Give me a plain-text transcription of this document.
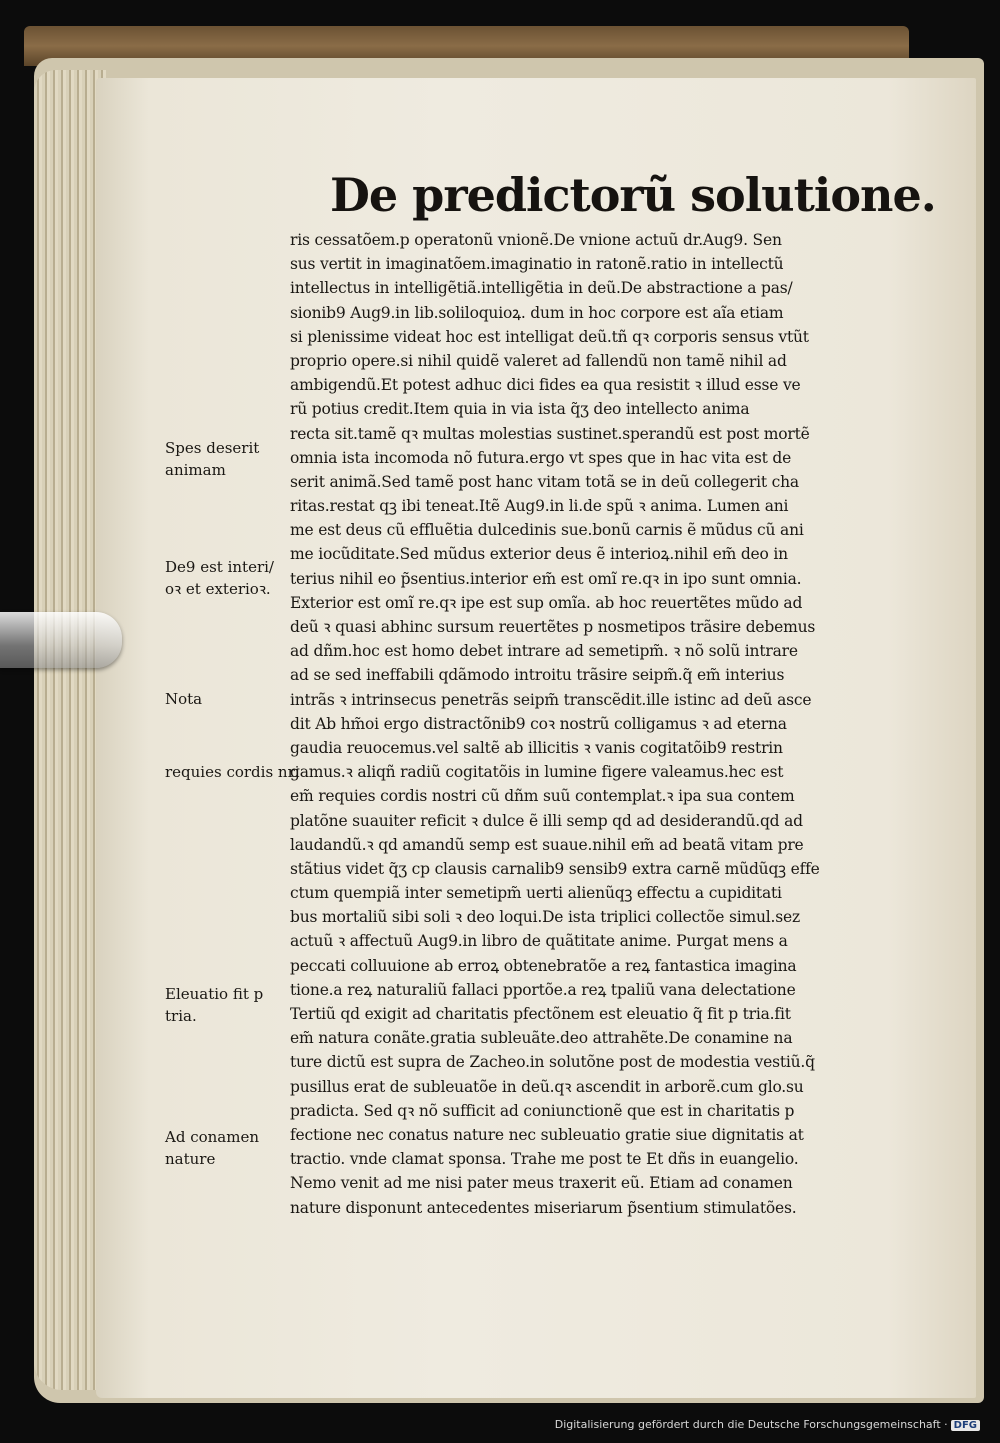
De predictorũ solutione.
ris cessatõem.p operatonũ vnionẽ.De vnione actuũ dr.Aug9. Sen
sus vertit in imaginatõem.imaginatio in ratonẽ.ratio in intellectũ
intellectus in intelligẽtiã.intelligẽtia in deũ.De abstractione a pas/
sionib9 Aug9.in lib.soliloquioꝝ. dum in hoc corpore est aĩa etiam
si plenissime videat hoc est intelligat deũ.tñ qꝛ corporis sensus vtũt
proprio opere.si nihil quidẽ valeret ad fallendũ non tamẽ nihil ad
ambigendũ.Et potest adhuc dici fides ea qua resistit ꝛ illud esse ve
rũ potius credit.Item quia in via ista q̃ʒ deo intellecto anima
recta sit.tamẽ qꝛ multas molestias sustinet.sperandũ est post mortẽ
omnia ista incomoda nõ futura.ergo vt spes que in hac vita est de
serit animã.Sed tamẽ post hanc vitam totã se in deũ collegerit cha
ritas.restat qꝫ ibi teneat.Itẽ Aug9.in li.de spũ ꝛ anima. Lumen ani
me est deus cũ effluẽtia dulcedinis sue.bonũ carnis ẽ mũdus cũ ani
me iocũditate.Sed mũdus exterior deus ẽ interioꝝ.nihil em̃ deo in
terius nihil eo p̃sentius.interior em̃ est omĩ re.qꝛ in ipo sunt omnia.
Exterior est omĩ re.qꝛ ipe est sup omĩa. ab hoc reuertẽtes mũdo ad
deũ ꝛ quasi abhinc sursum reuertẽtes p nosmetipos trãsire debemus
ad dñm.hoc est homo debet intrare ad semetipm̃. ꝛ nõ solũ intrare
ad se sed ineffabili qdãmodo introitu trãsire seipm̃.q̃ em̃ interius
intrãs ꝛ intrinsecus penetrãs seipm̃ transcẽdit.ille istinc ad deũ asce
dit Ab hm̃oi ergo distractõnib9 coꝛ nostrũ colligamus ꝛ ad eterna
gaudia reuocemus.vel saltẽ ab illicitis ꝛ vanis cogitatõib9 restrin
gamus.ꝛ aliqñ radiũ cogitatõis in lumine figere valeamus.hec est
em̃ requies cordis nostri cũ dñm suũ contemplat.ꝛ ipa sua contem
platõne suauiter reficit ꝛ dulce ẽ illi semp qd ad desiderandũ.qd ad
laudandũ.ꝛ qd amandũ semp est suaue.nihil em̃ ad beatã vitam pre
stãtius videt q̃ʒ cp clausis carnalib9 sensib9 extra carnẽ mũdũqꝫ effe
ctum quempiã inter semetipm̃ uerti alienũqꝫ effectu a cupiditati
bus mortaliũ sibi soli ꝛ deo loqui.De ista triplici collectõe simul.sez
actuũ ꝛ affectuũ Aug9.in libro de quãtitate anime. Purgat mens a
peccati colluuione ab erroꝝ obtenebratõe a reꝝ fantastica imagina
tione.a reꝝ naturaliũ fallaci pportõe.a reꝝ tpaliũ vana delectatione
Tertiũ qd exigit ad charitatis pfectõnem est eleuatio q̃ fit p tria.fit
em̃ natura conãte.gratia subleuãte.deo attrahẽte.De conamine na
ture dictũ est supra de Zacheo.in solutõne post de modestia vestiũ.q̃
pusillus erat de subleuatõe in deũ.qꝛ ascendit in arborẽ.cum glo.su
pradicta. Sed qꝛ nõ sufficit ad coniunctionẽ que est in charitatis p
fectione nec conatus nature nec subleuatio gratie siue dignitatis at
tractio. vnde clamat sponsa. Trahe me post te Et dñs in euangelio.
Nemo venit ad me nisi pater meus traxerit eũ. Etiam ad conamen
nature disponunt antecedentes miseriarum p̃sentium stimulatões.
Spes deserit
animam
De9 est interi/
oꝛ et exterioꝛ.
Nota
requies cordis nri
Eleuatio fit p
tria.
Ad conamen
nature
Digitalisierung gefördert durch die Deutsche Forschungsgemeinschaft · DFG
